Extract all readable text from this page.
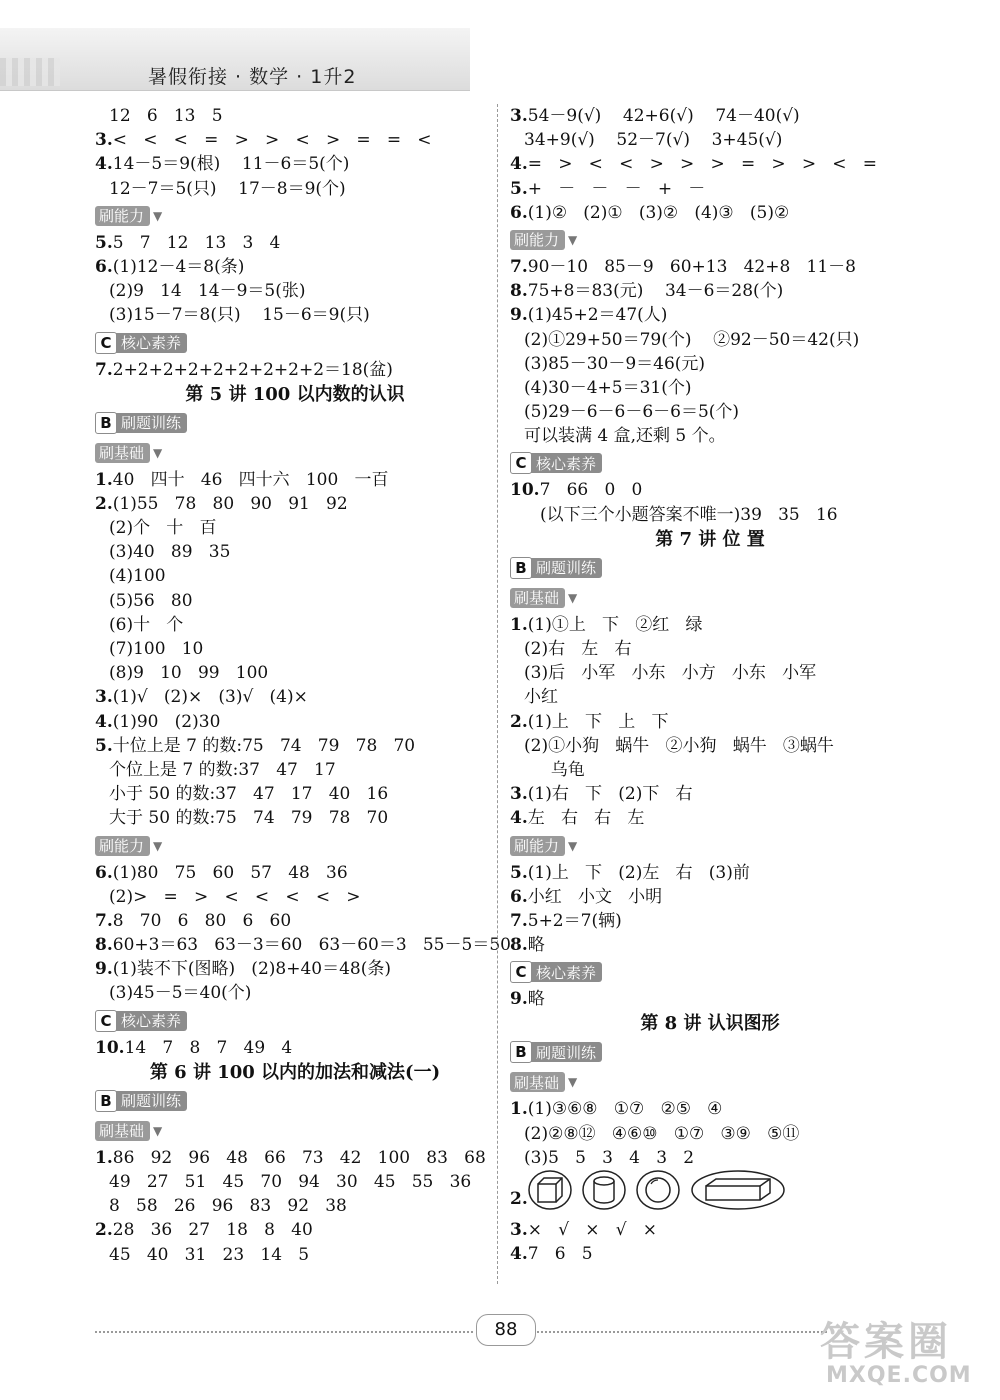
暑假衔接 · 数学 · 1升2
12   6   13   5
3.<   <   <   =   >   >   <   >   =   =   <
4.14－5＝9(根)    11－6＝5(个)
12－7＝5(只)    17－8＝9(个)
刷能力 ▼
5.5   7   12   13   3   4
6.(1)12－4＝8(条)
(2)9   14   14－9＝5(张)
(3)15－7＝8(只)    15－6＝9(只)
C 核心素养
7.2+2+2+2+2+2+2+2+2＝18(盆)
第 5 讲 100 以内数的认识
B 刷题训练
刷基础 ▼
1.40   四十   46   四十六   100   一百
2.(1)55   78   80   90   91   92
(2)个   十   百
(3)40   89   35
(4)100
(5)56   80
(6)十   个
(7)100   10
(8)9   10   99   100
3.(1)√   (2)×   (3)√   (4)×
4.(1)90   (2)30
5.十位上是 7 的数:75   74   79   78   70
个位上是 7 的数:37   47   17
小于 50 的数:37   47   17   40   16
大于 50 的数:75   74   79   78   70
刷能力 ▼
6.(1)80   75   60   57   48   36
(2)>   =   >   <   <   <   <   >
7.8   70   6   80   6   60
8.60+3＝63   63－3＝60   63－60＝3   55－5＝50
9.(1)装不下(图略)   (2)8+40＝48(条)
(3)45－5＝40(个)
C 核心素养
10.14   7   8   7   49   4
第 6 讲 100 以内的加法和减法(一)
B 刷题训练
刷基础 ▼
1.86   92   96   48   66   73   42   100   83   68
49   27   51   45   70   94   30   45   55   36
8   58   26   96   83   92   38
2.28   36   27   18   8   40
45   40   31   23   14   5
3.54－9(√)    42+6(√)    74－40(√)
34+9(√)    52－7(√)    3+45(√)
4.=   >   <   <   >   >   >   =   >   >   <   =
5.+   －   －   －   +   －
6.(1)②   (2)①   (3)②   (4)③   (5)②
刷能力 ▼
7.90－10   85－9   60+13   42+8   11－8
8.75+8＝83(元)    34－6＝28(个)
9.(1)45+2＝47(人)
(2)①29+50＝79(个)    ②92－50＝42(只)
(3)85－30－9＝46(元)
(4)30－4+5＝31(个)
(5)29－6－6－6－6＝5(个)
可以装满 4 盒,还剩 5 个。
C 核心素养
10.7   66   0   0
(以下三个小题答案不唯一)39   35   16
第 7 讲 位 置
B 刷题训练
刷基础 ▼
1.(1)①上   下   ②红   绿
(2)右   左   右
(3)后   小军   小东   小方   小东   小军
小红
2.(1)上   下   上   下
(2)①小狗   蜗牛   ②小狗   蜗牛   ③蜗牛
乌龟
3.(1)右   下   (2)下   右
4.左   右   右   左
刷能力 ▼
5.(1)上   下   (2)左   右   (3)前
6.小红   小文   小明
7.5+2＝7(辆)
8.略
C 核心素养
9.略
第 8 讲 认识图形
B 刷题训练
刷基础 ▼
1.(1)③⑥⑧   ①⑦   ②⑤   ④
(2)②⑧⑫   ④⑥⑩   ①⑦   ③⑨   ⑤⑪
(3)5   5   3   4   3   2
2.
3.×   √   ×   √   ×
4.7   6   5
88	答案圈
MXQE.COM
